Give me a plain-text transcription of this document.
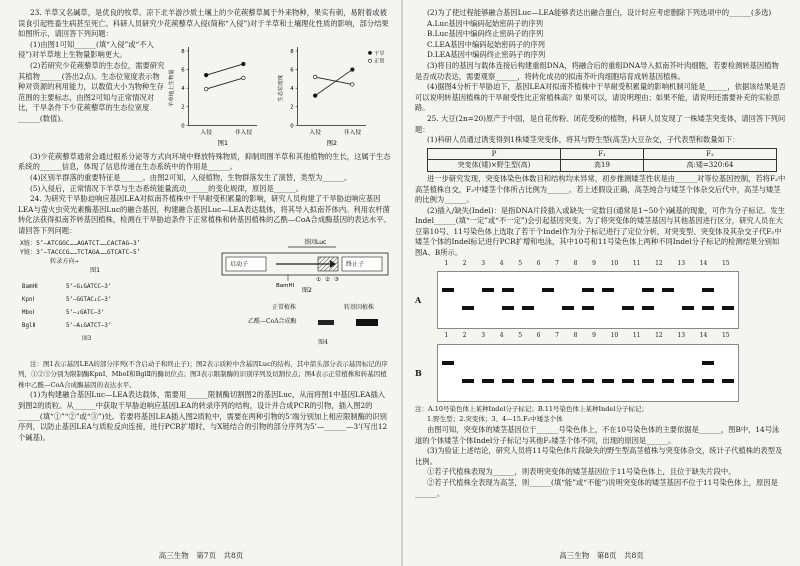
23. 羊草又名碱草，是优良的牧草。凉下北羊游沙质土壤上的少花蒺藜草属于外来物种，果实有刺，易附着或被误食引起牲畜生病甚至死亡。科研人员研究少花蒺藜草入侵(简称“入侵”)对于羊草和土壤理化性质的影响，部分结果如图所示，请回答下列问题：

(1)由图1可知______(填“入侵”或“不入侵”)对羊草地上生物量影响更大。

(2)若研究少花蒺藜草的生态位，需要研究其植物______(答出2点)。生态位宽度表示物种对资源的利用能力，以数值大小为物种生存范围的主要标志，由图2可知与正常情况对比，干旱条件下少花蒺藜草的生态位宽度______(数值)。

0
2
4
6
8
羊草地上生物量
入侵	非入侵
图1
0
2
4
6
8
生态位宽度
入侵	非入侵
干旱
正常
图2

(3)少花蒺藜草通常会通过根系分泌等方式向环境中释放特殊物质，抑制周围羊草和其他植物的生长，这属于生态系统的______信息，体现了信息传递在生态系统中的作用是______。

(4)区别羊群落的重要特征是______。由图2可知，入侵植物，生物群落发生了演替，类型为______。

(5)入侵后，正常情况下羊草与生态系统能量流动______的变化规律，原因是______。

24. 为研究干旱胁迫响应基因LEA对拟南芥植株中干旱耐受积累量的影响，研究人员构建了干旱胁迫响应基因LEA与萤火虫荧光素酶基因Luc的融合基因，构建融合基因Luc—LEA表达载体，将其导入拟南芥体内。利用农杆菌转化法获得拟南芥转基因植株，检测在干旱胁迫条件下正常植株和转基因植株的乙酰—CoA合成酶基因的表达水平。请回答下列问题：

X链：5’—ATCGGC……AGATCT……CACTAG—3’
Y链：3’—TACCCG……TCTAGA……GTCATC—5’
转录方向→
图1
基因Luc
启动子	终止子
BamHⅠ
① ② ③
图2
BamHⅠ	5’—G↓GATCC—3’
KpnⅠ	5’—GGTAC↓C—3’
MboⅠ	5’—↓GATC—3’
BglⅡ	5’—A↓GATCT—3’
图3
正常植株	转基因植株
乙酰—CoA合成酶
图4

注：图1表示基因LEA的部分序列(不含启动子和终止子)；图2表示质粒中含基因Luc的结构，其中箭头部分表示基因标记的序列，①②③分别为限制酶KpnⅠ、MboⅠ和BglⅡ的酶切位点；图3表示限制酶的识别序列及切割位点；图4表示正常植株和转基因植株中乙酰—CoA合成酶基因的表达水平。

(1)为构建融合基因Luc—LEA表达载体，需要用______限制酶切割图2的基因Luc，从而将图1中基因LEA插入到图2的质粒。从______中获取干旱胁迫响应基因LEA的转录序列的结构，设计并合成PCR的引物，插入图2的______(填“①”“②”或“③”)处。若要将基因LEA插入图2质粒中，需要在两种引物的5’端分别加上相应限制酶的识别序列，以防止基因LEA与质粒反向连接，进行PCR扩增时，与X链结合的引物的部分序列为5’—______—3’(写出12个碱基)。

高三生物　第7页　共8页

(2)为了使过程能够融合基因Luc—LEA能够表达出融合蛋白，设计时应考虑删除下列选项中的______(多选)

A.Luc基因中编码起始密码子的序列
B.Luc基因中编码终止密码子的序列
C.LEA基因中编码起始密码子的序列
D.LEA基因中编码终止密码子的序列

(3)将目的基因与载体连接后构建重组DNA，将融合后的重组DNA导入拟南芥叶肉细胞，若要检测转基因植物是否成功表达，需要观察______，将转化成功的拟南芥叶肉细胞培育成转基因植株。

(4)据图4分析干旱胁迫下，基因LEA对拟南芥植株中干旱耐受积累量的影响机制可能是______，依据该结果是否可以说明转基因植株的干旱耐受性比正常植株高？如果可以，请说明理由；如果不能，请说明还需要补充的实验思路。

25. 大豆(2n=20)原产于中国，是自花传粉、闭花受粉的植物，科研人员发现了一株矮茎突变体，请回答下列问题：

(1)科研人员通过诱变得到1株矮茎突变体，将其与野生型(高茎)大豆杂交，子代表型和数量如下：

P	F₁	F₂
突变体(矮)×野生型(高)	高19	高:矮=320:64

进一步研究发现，突变体染色体数目和结构均未异常，初步推测矮茎性状是由______对等位基因控制，若将F₂中高茎植株自交，F₃中矮茎个体所占比例为______。若上述假设正确，高茎纯合与矮茎个体杂交后代中，高茎与矮茎的比例为______。

(2)插入/缺失(Indel)：是指DNA片段插入或缺失一定数目(通常是1~50个)碱基的现象，可作为分子标记。发生Indel______(填“一定”或“不一定”)会引起基因突变。为了将突变体的矮茎基因与其他基因进行区分，研究人员在大豆第10号、11号染色体上选取了若干个Indel作为分子标记进行了定位分析，对突变型、突变体及其杂交子代F₂中矮茎个体的Indel标记进行PCR扩增和电泳，其中10号和11号染色体上两种不同Indel分子标记的检测结果分别如图A、B所示。

1 2 3 4 5 6 7 8 9 10 11 12 13 14 15
A
1 2 3 4 5 6 7 8 9 10 11 12 13 14 15
B

注：A.10号染色体上某种Indel分子标记；B.11号染色体上某种Indel分子标记；

1.野生型；2.突变体；3、4—15.F₂中矮茎个体

由图可知，突变体的矮茎基因位于______号染色体上，不在10号染色体的主要依据是______，图B中，14号泳道的个体矮茎个体Indel分子标记与其他F₂矮茎个体不同，出现的原因是______。

(3)为验证上述结论，研究人员将11号染色体片段缺失的野生型高茎植株与突变体杂交，统计子代植株的表型及比例。

①若子代植株表现为______，则表明突变体的矮茎基因位于11号染色体上，且位于缺失片段中。

②若子代植株全表现为高茎，则______(填“能”或“不能”)说明突变体的矮茎基因不位于11号染色体上，原因是______。

高三生物　第8页　共8页
